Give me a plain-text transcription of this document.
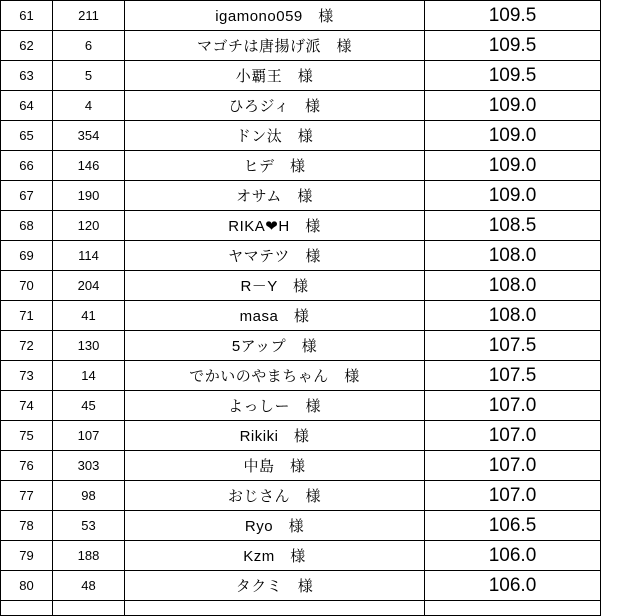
61	211	igamono059　様	109.5
62	6	マゴチは唐揚げ派　様	109.5
63	5	小覇王　様	109.5
64	4	ひろジィ　様	109.0
65	354	ドン汰　様	109.0
66	146	ヒデ　様	109.0
67	190	オサム　様	109.0
68	120	RIKA❤H　様	108.5
69	114	ヤマテツ　様	108.0
70	204	R－Y　様	108.0
71	41	masa　様	108.0
72	130	5アップ　様	107.5
73	14	でかいのやまちゃん　様	107.5
74	45	よっしー　様	107.0
75	107	Rikiki　様	107.0
76	303	中島　様	107.0
77	98	おじさん　様	107.0
78	53	Ryo　様	106.5
79	188	Kzm　様	106.0
80	48	タクミ　様	106.0
